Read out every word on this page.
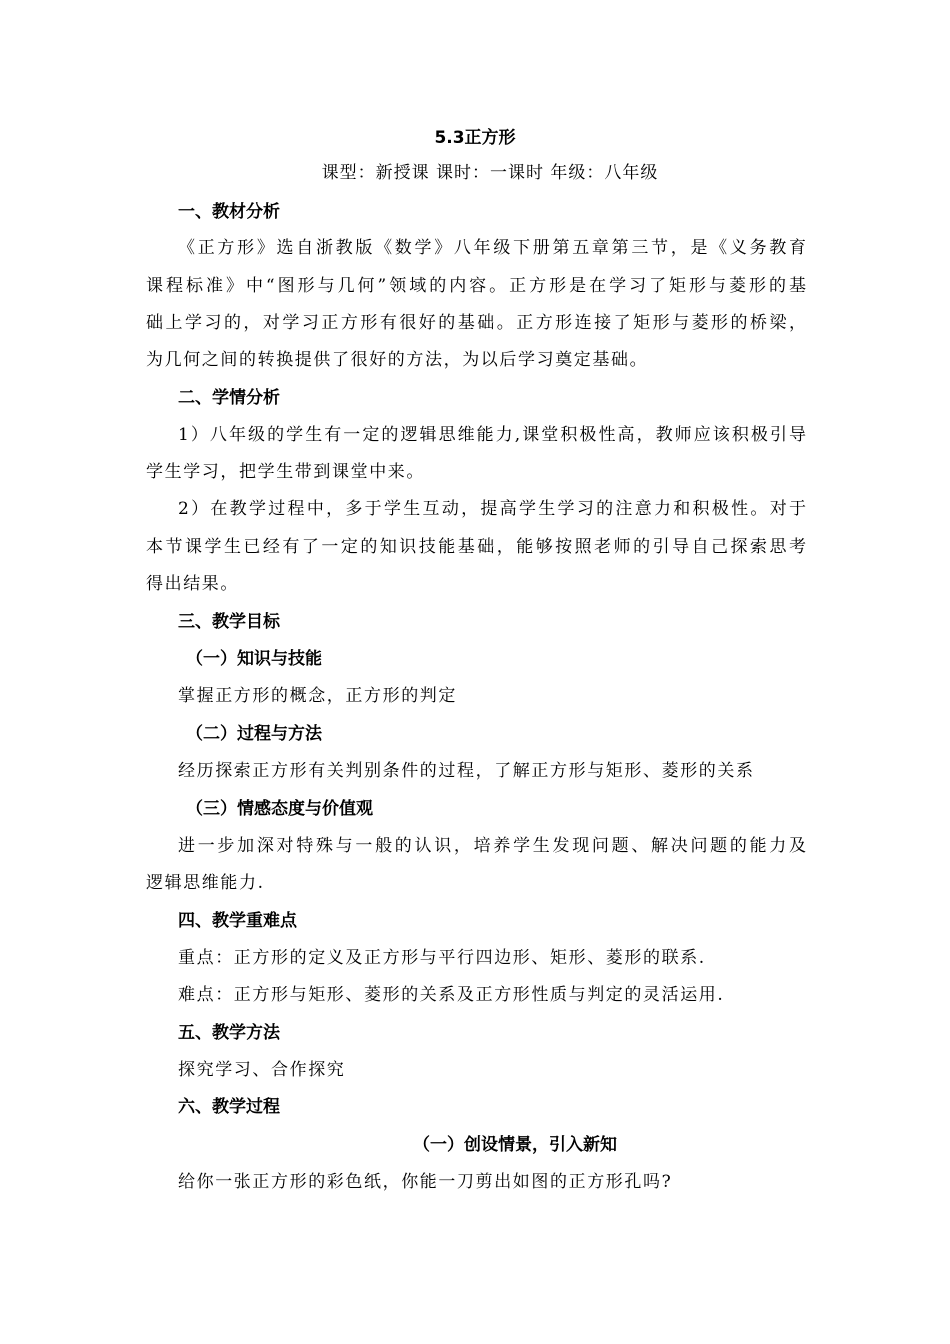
5.3正方形
课型：新授课 课时：一课时 年级：八年级
一、教材分析
《正方形》选自浙教版《数学》八年级下册第五章第三节，是《义务教育
课程标准》中“图形与几何”领域的内容。正方形是在学习了矩形与菱形的基
础上学习的，对学习正方形有很好的基础。正方形连接了矩形与菱形的桥梁，
为几何之间的转换提供了很好的方法，为以后学习奠定基础。
二、学情分析
1）八年级的学生有一定的逻辑思维能力,课堂积极性高，教师应该积极引导
学生学习，把学生带到课堂中来。
2）在教学过程中，多于学生互动，提高学生学习的注意力和积极性。对于
本节课学生已经有了一定的知识技能基础，能够按照老师的引导自己探索思考
得出结果。
三、教学目标
（一）知识与技能
掌握正方形的概念，正方形的判定
（二）过程与方法
经历探索正方形有关判别条件的过程，了解正方形与矩形、菱形的关系
（三）情感态度与价值观
进一步加深对特殊与一般的认识，培养学生发现问题、解决问题的能力及
逻辑思维能力.
四、教学重难点
重点：正方形的定义及正方形与平行四边形、矩形、菱形的联系.
难点：正方形与矩形、菱形的关系及正方形性质与判定的灵活运用.
五、教学方法
探究学习、合作探究
六、教学过程
（一）创设情景，引入新知
给你一张正方形的彩色纸，你能一刀剪出如图的正方形孔吗?
